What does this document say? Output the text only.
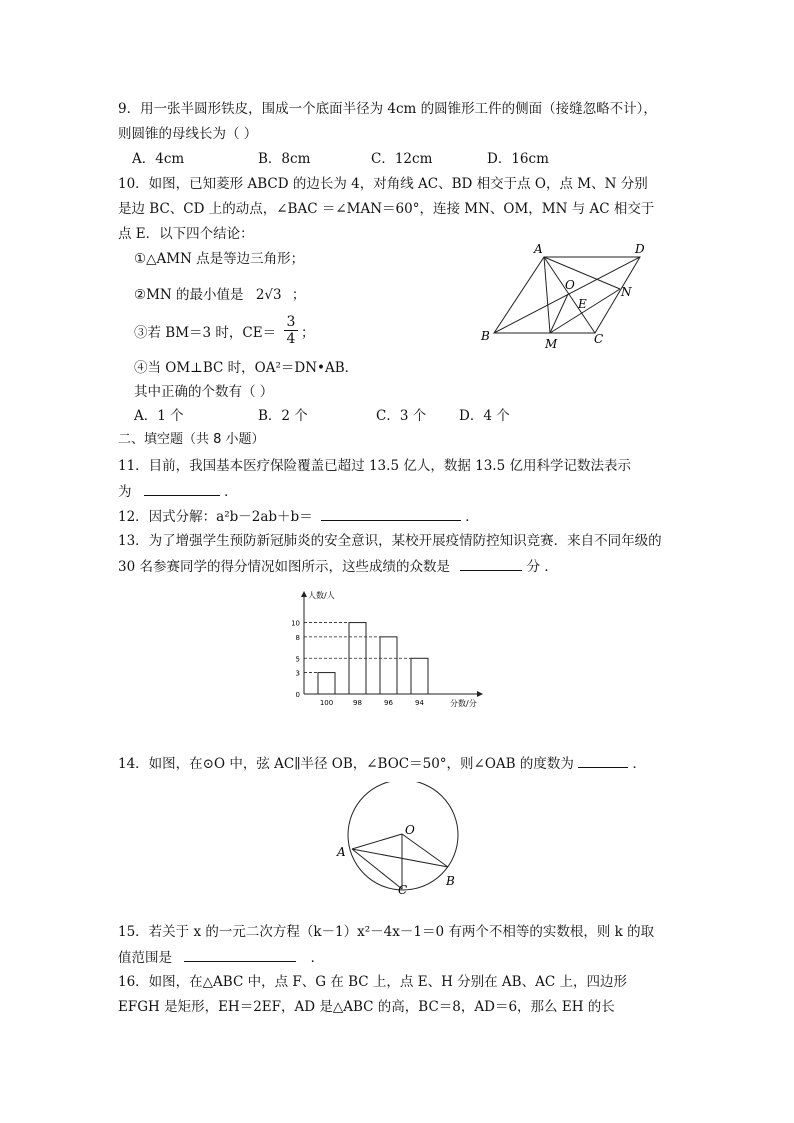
9．用一张半圆形铁皮，围成一个底面半径为 4cm 的圆锥形工件的侧面（接缝忽略不计），
则圆锥的母线长为（ ）
A．4cm	B．8cm	C．12cm	D．16cm
10．如图，已知菱形 ABCD 的边长为 4，对角线 AC、BD 相交于点 O，点 M、N 分别
是边 BC、CD 上的动点，∠BAC ＝∠MAN＝60°，连接 MN、OM，MN 与 AC 相交于
点 E．以下四个结论：
①△AMN 点是等边三角形；
②MN 的最小值是 2√3 ；
③若 BM＝3 时，CE＝
3
4 ；
④当 OM⊥BC 时，OA²＝DN•AB．
其中正确的个数有（ ）
A．1 个	B．2 个	C．3 个 D．4 个
A	D
O	N
E
B
M	C
二、填空题（共 8 小题）
11．目前，我国基本医疗保险覆盖已超过 13.5 亿人，数据 13.5 亿用科学记数法表示
为	．
12．因式分解：a²b－2ab＋b＝	．
13．为了增强学生预防新冠肺炎的安全意识，某校开展疫情防控知识竞赛．来自不同年级的
30 名参赛同学的得分情况如图所示，这些成绩的众数是	分 ．
人数/人
分数/分
0
3
5
8
10
100	98	96	94
14．如图，在⊙O 中，弦 AC∥半径 OB，∠BOC＝50°，则∠OAB 的度数为	．
O
A
B
C
15．若关于 x 的一元二次方程（k－1）x²－4x－1＝0 有两个不相等的实数根，则 k 的取
值范围是	．
16．如图，在△ABC 中，点 F、G 在 BC 上，点 E、H 分别在 AB、AC 上，四边形
EFGH 是矩形，EH＝2EF，AD 是△ABC 的高，BC＝8，AD＝6，那么 EH 的长
